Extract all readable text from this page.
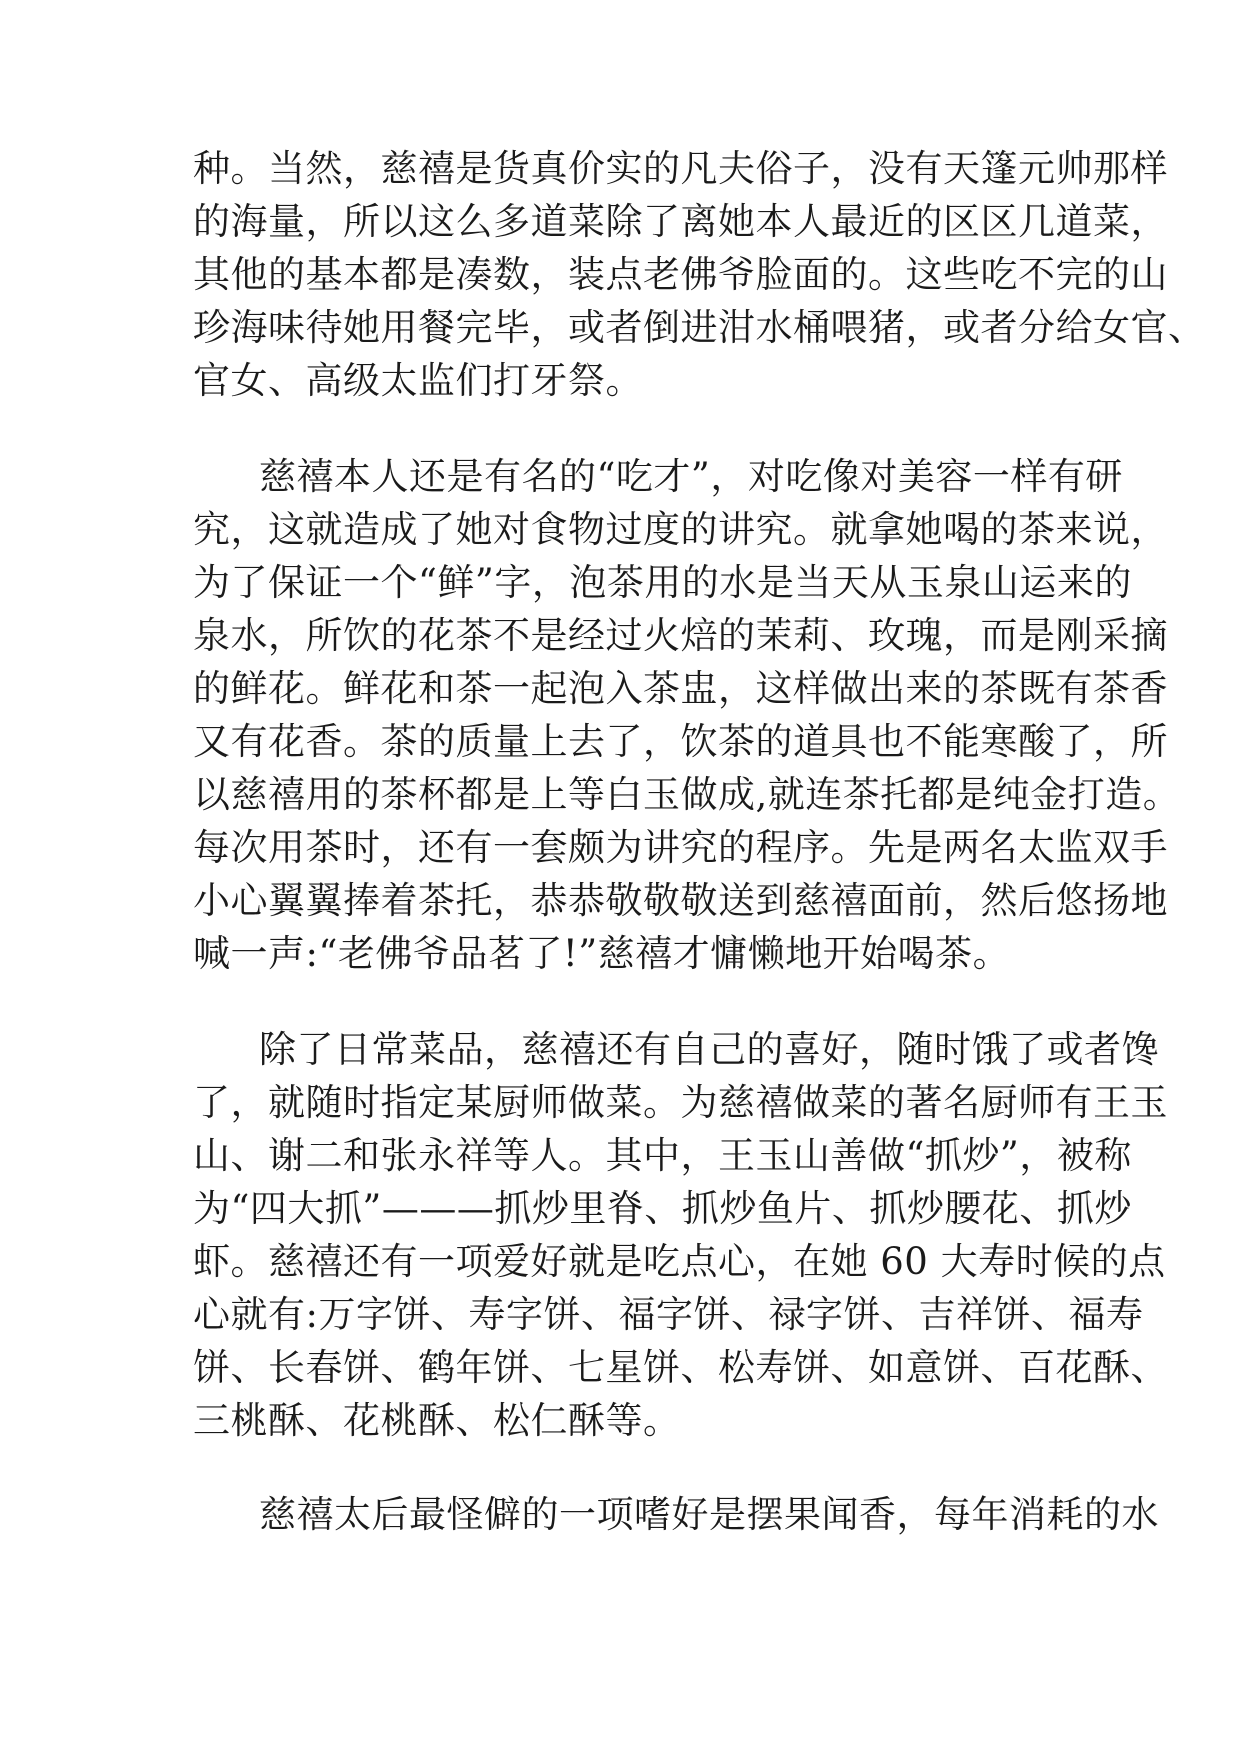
种。当然，慈禧是货真价实的凡夫俗子，没有天篷元帅那样
的海量，所以这么多道菜除了离她本人最近的区区几道菜，
其他的基本都是凑数，装点老佛爷脸面的。这些吃不完的山
珍海味待她用餐完毕，或者倒进泔水桶喂猪，或者分给女官、
官女、高级太监们打牙祭。
慈禧本人还是有名的“吃才”，对吃像对美容一样有研
究，这就造成了她对食物过度的讲究。就拿她喝的茶来说，
为了保证一个“鲜”字，泡茶用的水是当天从玉泉山运来的
泉水，所饮的花茶不是经过火焙的茉莉、玫瑰，而是刚采摘
的鲜花。鲜花和茶一起泡入茶盅，这样做出来的茶既有茶香
又有花香。茶的质量上去了，饮茶的道具也不能寒酸了，所
以慈禧用的茶杯都是上等白玉做成,就连茶托都是纯金打造。
每次用茶时，还有一套颇为讲究的程序。先是两名太监双手
小心翼翼捧着茶托，恭恭敬敬敬送到慈禧面前，然后悠扬地
喊一声:“老佛爷品茗了!”慈禧才慵懒地开始喝茶。
除了日常菜品，慈禧还有自己的喜好，随时饿了或者馋
了，就随时指定某厨师做菜。为慈禧做菜的著名厨师有王玉
山、谢二和张永祥等人。其中，王玉山善做“抓炒”，被称
为“四大抓”———抓炒里脊、抓炒鱼片、抓炒腰花、抓炒
虾。慈禧还有一项爱好就是吃点心，在她 60 大寿时候的点
心就有:万字饼、寿字饼、福字饼、禄字饼、吉祥饼、福寿
饼、长春饼、鹤年饼、七星饼、松寿饼、如意饼、百花酥、
三桃酥、花桃酥、松仁酥等。
慈禧太后最怪僻的一项嗜好是摆果闻香，每年消耗的水
